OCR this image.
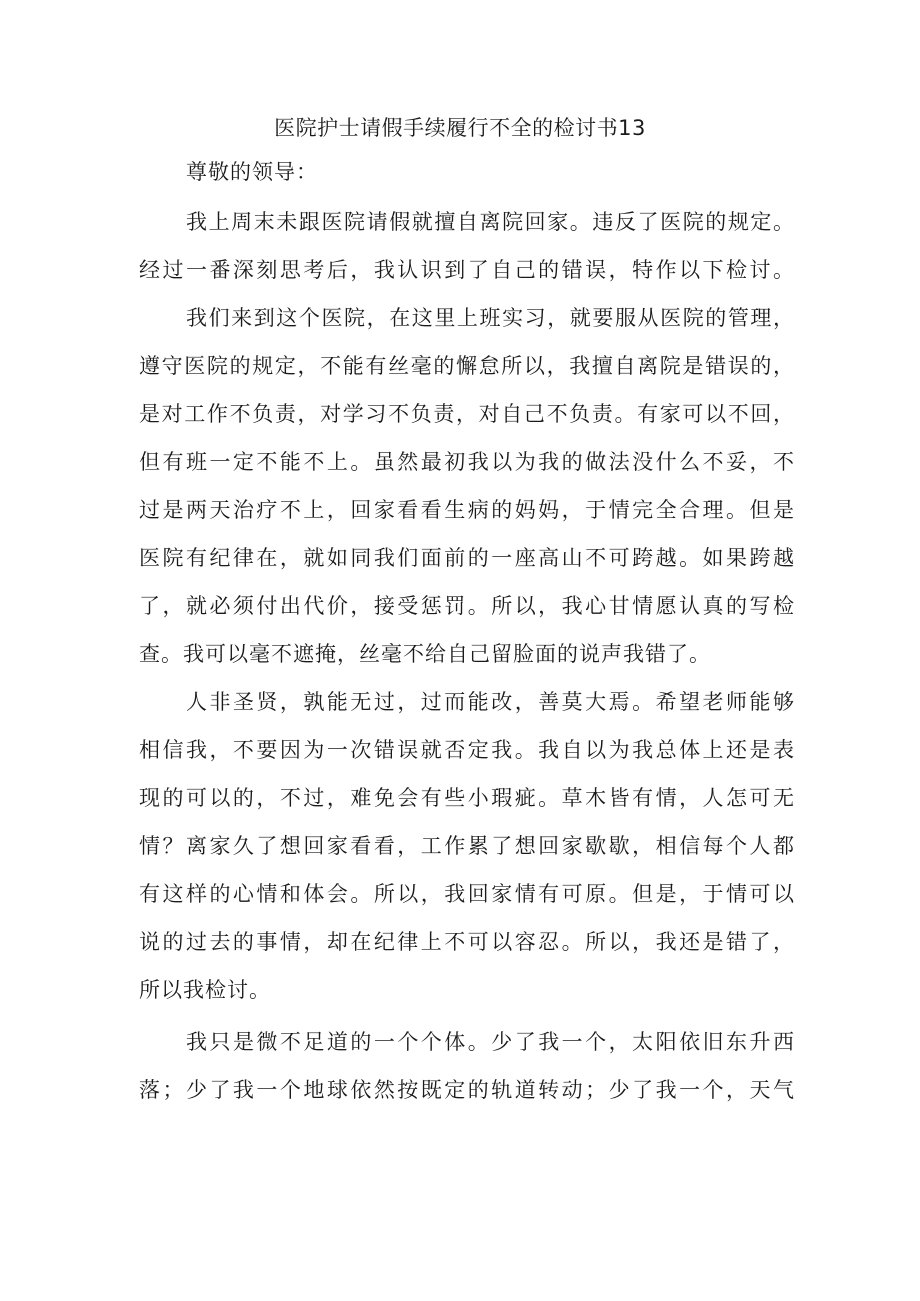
医院护士请假手续履行不全的检讨书13
尊敬的领导：
我上周末未跟医院请假就擅自离院回家。违反了医院的规定。
经过一番深刻思考后，我认识到了自己的错误，特作以下检讨。
我们来到这个医院，在这里上班实习，就要服从医院的管理，
遵守医院的规定，不能有丝毫的懈怠所以，我擅自离院是错误的，
是对工作不负责，对学习不负责，对自己不负责。有家可以不回，
但有班一定不能不上。虽然最初我以为我的做法没什么不妥，不
过是两天治疗不上，回家看看生病的妈妈，于情完全合理。但是
医院有纪律在，就如同我们面前的一座高山不可跨越。如果跨越
了，就必须付出代价，接受惩罚。所以，我心甘情愿认真的写检
查。我可以毫不遮掩，丝毫不给自己留脸面的说声我错了。
人非圣贤，孰能无过，过而能改，善莫大焉。希望老师能够
相信我，不要因为一次错误就否定我。我自以为我总体上还是表
现的可以的，不过，难免会有些小瑕疵。草木皆有情，人怎可无
情？离家久了想回家看看，工作累了想回家歇歇，相信每个人都
有这样的心情和体会。所以，我回家情有可原。但是，于情可以
说的过去的事情，却在纪律上不可以容忍。所以，我还是错了，
所以我检讨。
我只是微不足道的一个个体。少了我一个，太阳依旧东升西
落；少了我一个地球依然按既定的轨道转动；少了我一个，天气
